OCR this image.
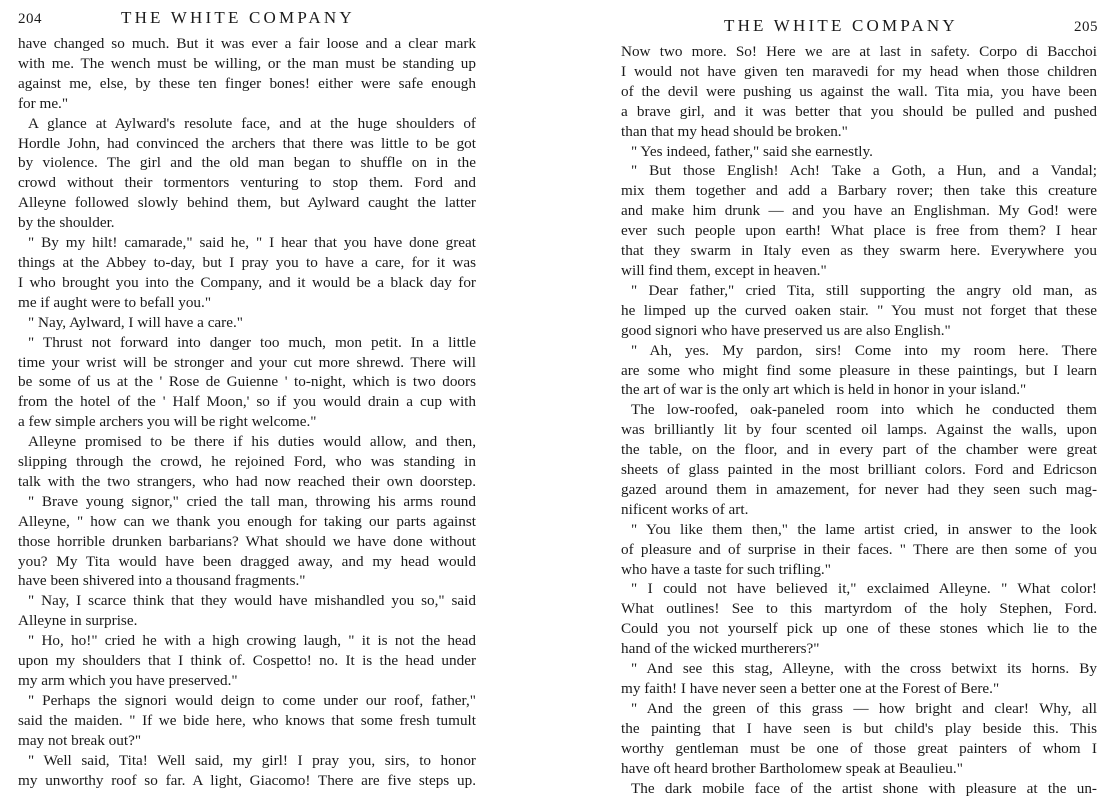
204	THE WHITE COMPANY
have changed so much. But it was ever a fair loose and a clear mark
with me. The wench must be willing, or the man must be standing up
against me, else, by these ten finger bones! either were safe enough
for me."
A glance at Aylward's resolute face, and at the huge shoulders of
Hordle John, had convinced the archers that there was little to be got
by violence. The girl and the old man began to shuffle on in the
crowd without their tormentors venturing to stop them. Ford and
Alleyne followed slowly behind them, but Aylward caught the latter
by the shoulder.
" By my hilt! camarade," said he, " I hear that you have done great
things at the Abbey to-day, but I pray you to have a care, for it was
I who brought you into the Company, and it would be a black day for
me if aught were to befall you."
" Nay, Aylward, I will have a care."
" Thrust not forward into danger too much, mon petit. In a little
time your wrist will be stronger and your cut more shrewd. There will
be some of us at the ' Rose de Guienne ' to-night, which is two doors
from the hotel of the ' Half Moon,' so if you would drain a cup with
a few simple archers you will be right welcome."
Alleyne promised to be there if his duties would allow, and then,
slipping through the crowd, he rejoined Ford, who was standing in
talk with the two strangers, who had now reached their own doorstep.
" Brave young signor," cried the tall man, throwing his arms round
Alleyne, " how can we thank you enough for taking our parts against
those horrible drunken barbarians? What should we have done without
you? My Tita would have been dragged away, and my head would
have been shivered into a thousand fragments."
" Nay, I scarce think that they would have mishandled you so," said
Alleyne in surprise.
" Ho, ho!" cried he with a high crowing laugh, " it is not the head
upon my shoulders that I think of. Cospetto! no. It is the head under
my arm which you have preserved."
" Perhaps the signori would deign to come under our roof, father,"
said the maiden. " If we bide here, who knows that some fresh tumult
may not break out?"
" Well said, Tita! Well said, my girl! I pray you, sirs, to honor
my unworthy roof so far. A light, Giacomo! There are five steps up.
THE WHITE COMPANY	205
Now two more. So! Here we are at last in safety. Corpo di Bacchoi
I would not have given ten maravedi for my head when those children
of the devil were pushing us against the wall. Tita mia, you have been
a brave girl, and it was better that you should be pulled and pushed
than that my head should be broken."
" Yes indeed, father," said she earnestly.
" But those English! Ach! Take a Goth, a Hun, and a Vandal;
mix them together and add a Barbary rover; then take this creature
and make him drunk — and you have an Englishman. My God! were
ever such people upon earth! What place is free from them? I hear
that they swarm in Italy even as they swarm here. Everywhere you
will find them, except in heaven."
" Dear father," cried Tita, still supporting the angry old man, as
he limped up the curved oaken stair. " You must not forget that these
good signori who have preserved us are also English."
" Ah, yes. My pardon, sirs! Come into my room here. There
are some who might find some pleasure in these paintings, but I learn
the art of war is the only art which is held in honor in your island."
The low-roofed, oak-paneled room into which he conducted them
was brilliantly lit by four scented oil lamps. Against the walls, upon
the table, on the floor, and in every part of the chamber were great
sheets of glass painted in the most brilliant colors. Ford and Edricson
gazed around them in amazement, for never had they seen such mag-
nificent works of art.
" You like them then," the lame artist cried, in answer to the look
of pleasure and of surprise in their faces. " There are then some of you
who have a taste for such trifling."
" I could not have believed it," exclaimed Alleyne. " What color!
What outlines! See to this martyrdom of the holy Stephen, Ford.
Could you not yourself pick up one of these stones which lie to the
hand of the wicked murtherers?"
" And see this stag, Alleyne, with the cross betwixt its horns. By
my faith! I have never seen a better one at the Forest of Bere."
" And the green of this grass — how bright and clear! Why, all
the painting that I have seen is but child's play beside this. This
worthy gentleman must be one of those great painters of whom I
have oft heard brother Bartholomew speak at Beaulieu."
The dark mobile face of the artist shone with pleasure at the un-
